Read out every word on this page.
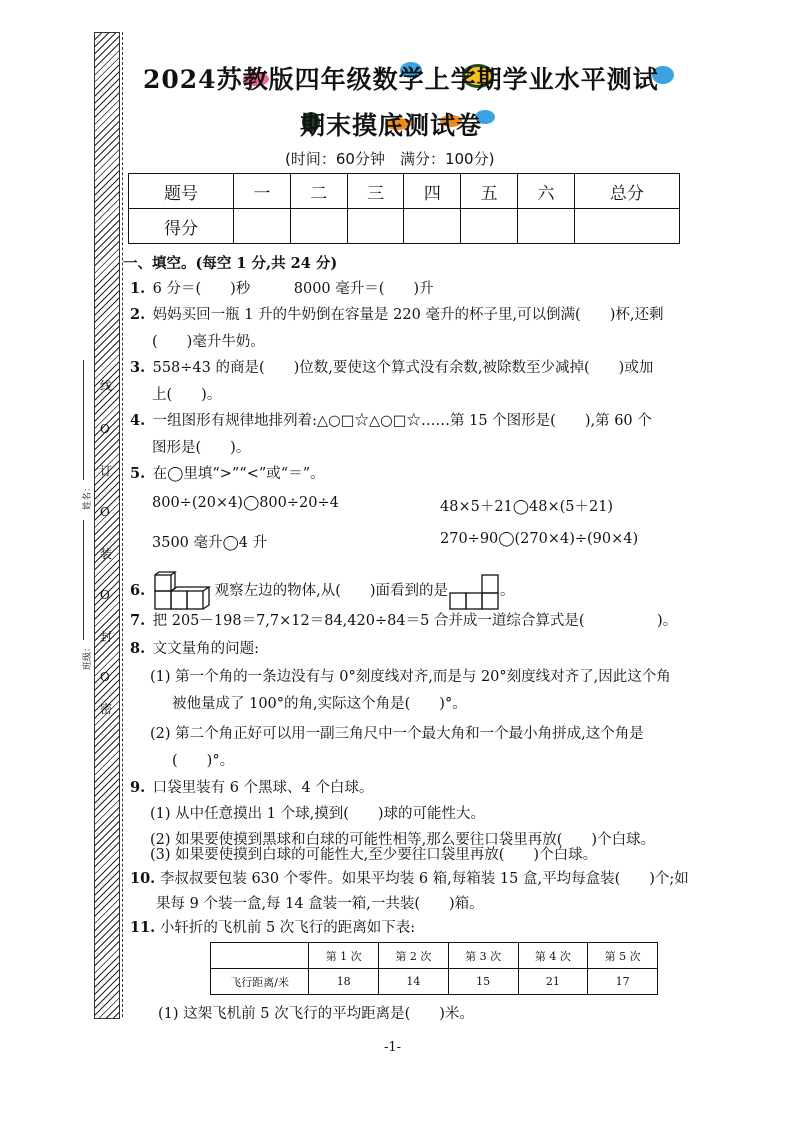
线
O
订
O
装
O
封
O
密
姓名：
班级：
2024苏教版四年级数学上学期学业水平测试
期末摸底测试卷
(时间：60分钟　满分：100分)
题号	一	二	三	四	五	六	总分
得分							
一、填空。(每空 1 分,共 24 分)
1. 6 分＝(　　)秒　　　8000 毫升＝(　　)升
2. 妈妈买回一瓶 1 升的牛奶倒在容量是 220 毫升的杯子里,可以倒满(　　)杯,还剩
(　　)毫升牛奶。
3. 558÷43 的商是(　　)位数,要使这个算式没有余数,被除数至少减掉(　　)或加
上(　　)。
4. 一组图形有规律地排列着:△○□☆△○□☆……第 15 个图形是(　　),第 60 个
图形是(　　)。
5. 在◯里填“>”“<”或“＝”。
800÷(20×4)◯800÷20÷4	48×5＋21◯48×(5＋21)
3500 毫升◯4 升	270÷90◯(270×4)÷(90×4)
6.	观察左边的物体,从(　　)面看到的是	。
7. 把 205－198＝7,7×12＝84,420÷84＝5 合并成一道综合算式是(　　　　　)。
8. 文文量角的问题:
(1) 第一个角的一条边没有与 0°刻度线对齐,而是与 20°刻度线对齐了,因此这个角
被他量成了 100°的角,实际这个角是(　　)°。
(2) 第二个角正好可以用一副三角尺中一个最大角和一个最小角拼成,这个角是
(　　)°。
9. 口袋里装有 6 个黑球、4 个白球。
(1) 从中任意摸出 1 个球,摸到(　　)球的可能性大。
(2) 如果要使摸到黑球和白球的可能性相等,那么要往口袋里再放(　　)个白球。
(3) 如果要使摸到白球的可能性大,至少要往口袋里再放(　　)个白球。
10. 李叔叔要包装 630 个零件。如果平均装 6 箱,每箱装 15 盒,平均每盒装(　　)个;如
果每 9 个装一盒,每 14 盒装一箱,一共装(　　)箱。
11. 小轩折的飞机前 5 次飞行的距离如下表:
	第 1 次	第 2 次	第 3 次	第 4 次	第 5 次
飞行距离/米	18	14	15	21	17
(1) 这架飞机前 5 次飞行的平均距离是(　　)米。
-1-
